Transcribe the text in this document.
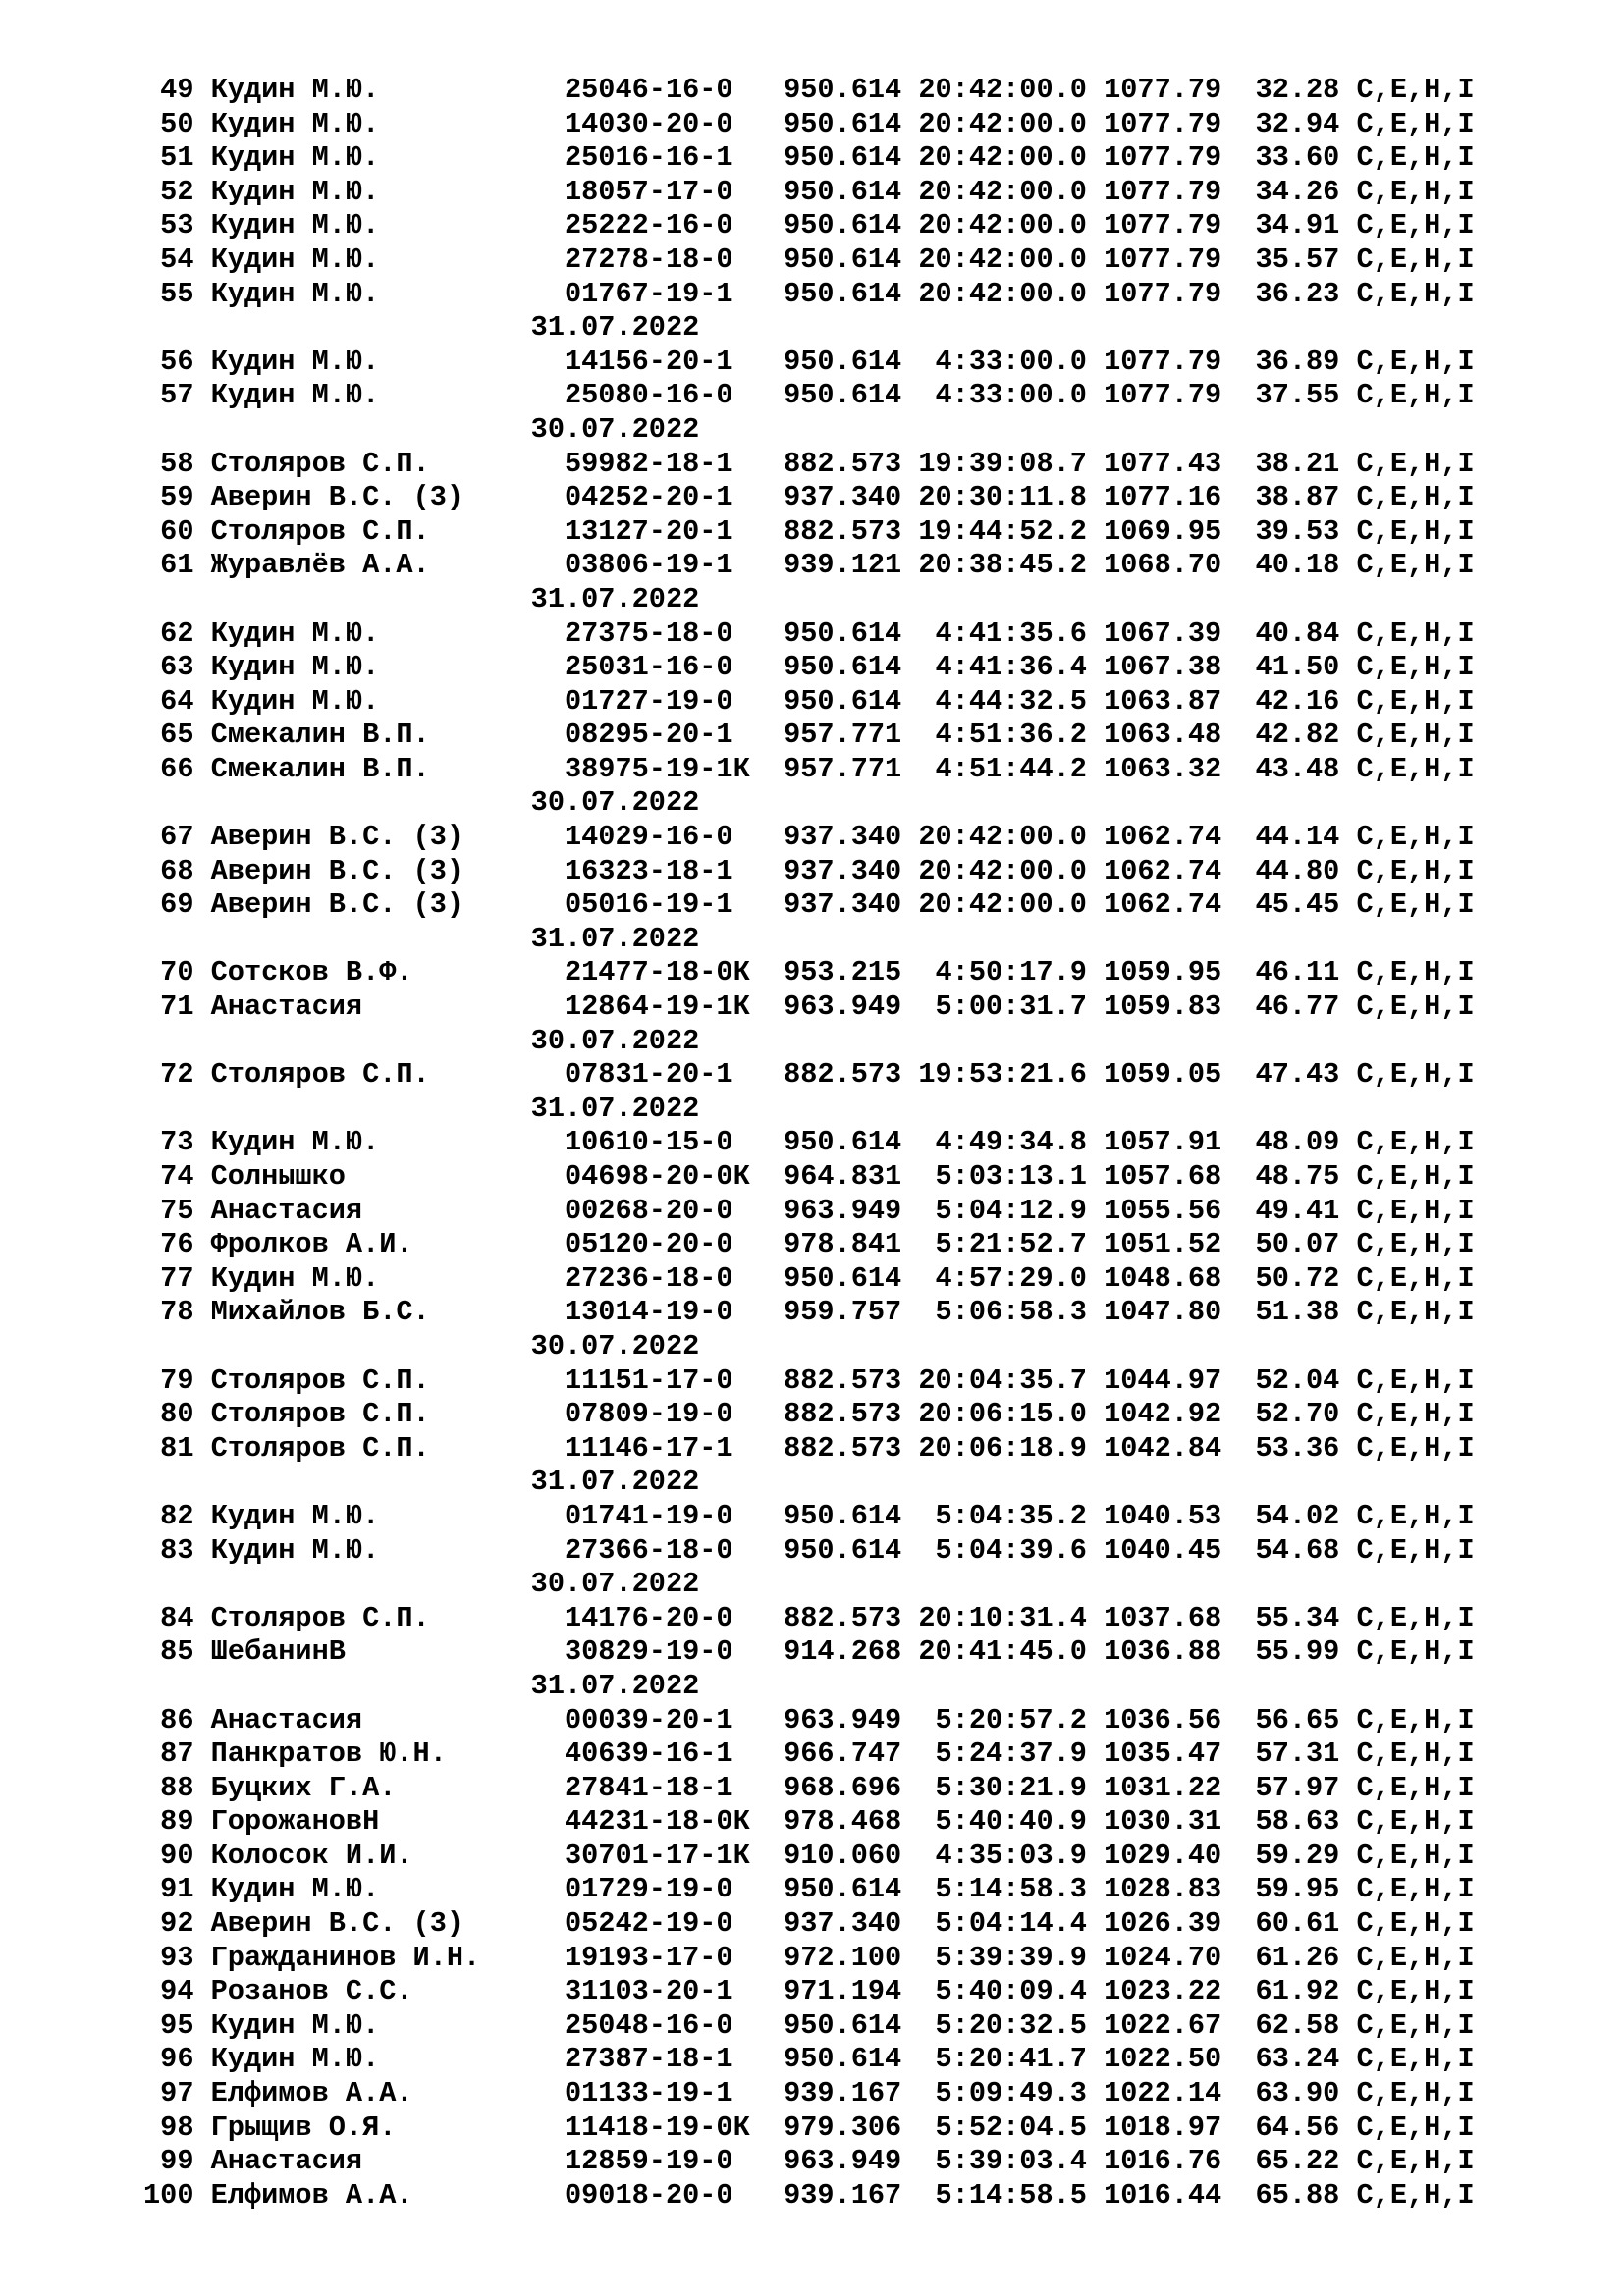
49 Кудин М.Ю.           25046-16-0   950.614 20:42:00.0 1077.79  32.28 C,E,H,I
50 Кудин М.Ю.           14030-20-0   950.614 20:42:00.0 1077.79  32.94 C,E,H,I
51 Кудин М.Ю.           25016-16-1   950.614 20:42:00.0 1077.79  33.60 C,E,H,I
52 Кудин М.Ю.           18057-17-0   950.614 20:42:00.0 1077.79  34.26 C,E,H,I
53 Кудин М.Ю.           25222-16-0   950.614 20:42:00.0 1077.79  34.91 C,E,H,I
54 Кудин М.Ю.           27278-18-0   950.614 20:42:00.0 1077.79  35.57 C,E,H,I
55 Кудин М.Ю.           01767-19-1   950.614 20:42:00.0 1077.79  36.23 C,E,H,I
31.07.2022
56 Кудин М.Ю.           14156-20-1   950.614  4:33:00.0 1077.79  36.89 C,E,H,I
57 Кудин М.Ю.           25080-16-0   950.614  4:33:00.0 1077.79  37.55 C,E,H,I
30.07.2022
58 Столяров С.П.        59982-18-1   882.573 19:39:08.7 1077.43  38.21 C,E,H,I
59 Аверин В.С. (3)      04252-20-1   937.340 20:30:11.8 1077.16  38.87 C,E,H,I
60 Столяров С.П.        13127-20-1   882.573 19:44:52.2 1069.95  39.53 C,E,H,I
61 Журавлёв А.А.        03806-19-1   939.121 20:38:45.2 1068.70  40.18 C,E,H,I
31.07.2022
62 Кудин М.Ю.           27375-18-0   950.614  4:41:35.6 1067.39  40.84 C,E,H,I
63 Кудин М.Ю.           25031-16-0   950.614  4:41:36.4 1067.38  41.50 C,E,H,I
64 Кудин М.Ю.           01727-19-0   950.614  4:44:32.5 1063.87  42.16 C,E,H,I
65 Смекалин В.П.        08295-20-1   957.771  4:51:36.2 1063.48  42.82 C,E,H,I
66 Смекалин В.П.        38975-19-1К  957.771  4:51:44.2 1063.32  43.48 C,E,H,I
30.07.2022
67 Аверин В.С. (3)      14029-16-0   937.340 20:42:00.0 1062.74  44.14 C,E,H,I
68 Аверин В.С. (3)      16323-18-1   937.340 20:42:00.0 1062.74  44.80 C,E,H,I
69 Аверин В.С. (3)      05016-19-1   937.340 20:42:00.0 1062.74  45.45 C,E,H,I
31.07.2022
70 Сотсков В.Ф.         21477-18-0К  953.215  4:50:17.9 1059.95  46.11 C,E,H,I
71 Анастасия            12864-19-1К  963.949  5:00:31.7 1059.83  46.77 C,E,H,I
30.07.2022
72 Столяров С.П.        07831-20-1   882.573 19:53:21.6 1059.05  47.43 C,E,H,I
31.07.2022
73 Кудин М.Ю.           10610-15-0   950.614  4:49:34.8 1057.91  48.09 C,E,H,I
74 Солнышко             04698-20-0К  964.831  5:03:13.1 1057.68  48.75 C,E,H,I
75 Анастасия            00268-20-0   963.949  5:04:12.9 1055.56  49.41 C,E,H,I
76 Фролков А.И.         05120-20-0   978.841  5:21:52.7 1051.52  50.07 C,E,H,I
77 Кудин М.Ю.           27236-18-0   950.614  4:57:29.0 1048.68  50.72 C,E,H,I
78 Михайлов Б.С.        13014-19-0   959.757  5:06:58.3 1047.80  51.38 C,E,H,I
30.07.2022
79 Столяров С.П.        11151-17-0   882.573 20:04:35.7 1044.97  52.04 C,E,H,I
80 Столяров С.П.        07809-19-0   882.573 20:06:15.0 1042.92  52.70 C,E,H,I
81 Столяров С.П.        11146-17-1   882.573 20:06:18.9 1042.84  53.36 C,E,H,I
31.07.2022
82 Кудин М.Ю.           01741-19-0   950.614  5:04:35.2 1040.53  54.02 C,E,H,I
83 Кудин М.Ю.           27366-18-0   950.614  5:04:39.6 1040.45  54.68 C,E,H,I
30.07.2022
84 Столяров С.П.        14176-20-0   882.573 20:10:31.4 1037.68  55.34 C,E,H,I
85 ШебанинВ             30829-19-0   914.268 20:41:45.0 1036.88  55.99 C,E,H,I
31.07.2022
86 Анастасия            00039-20-1   963.949  5:20:57.2 1036.56  56.65 C,E,H,I
87 Панкратов Ю.Н.       40639-16-1   966.747  5:24:37.9 1035.47  57.31 C,E,H,I
88 Буцких Г.А.          27841-18-1   968.696  5:30:21.9 1031.22  57.97 C,E,H,I
89 ГорожановН           44231-18-0К  978.468  5:40:40.9 1030.31  58.63 C,E,H,I
90 Колосок И.И.         30701-17-1К  910.060  4:35:03.9 1029.40  59.29 C,E,H,I
91 Кудин М.Ю.           01729-19-0   950.614  5:14:58.3 1028.83  59.95 C,E,H,I
92 Аверин В.С. (3)      05242-19-0   937.340  5:04:14.4 1026.39  60.61 C,E,H,I
93 Гражданинов И.Н.     19193-17-0   972.100  5:39:39.9 1024.70  61.26 C,E,H,I
94 Розанов С.С.         31103-20-1   971.194  5:40:09.4 1023.22  61.92 C,E,H,I
95 Кудин М.Ю.           25048-16-0   950.614  5:20:32.5 1022.67  62.58 C,E,H,I
96 Кудин М.Ю.           27387-18-1   950.614  5:20:41.7 1022.50  63.24 C,E,H,I
97 Елфимов А.А.         01133-19-1   939.167  5:09:49.3 1022.14  63.90 C,E,H,I
98 Грыщив О.Я.          11418-19-0К  979.306  5:52:04.5 1018.97  64.56 C,E,H,I
99 Анастасия            12859-19-0   963.949  5:39:03.4 1016.76  65.22 C,E,H,I
100 Елфимов А.А.         09018-20-0   939.167  5:14:58.5 1016.44  65.88 C,E,H,I
